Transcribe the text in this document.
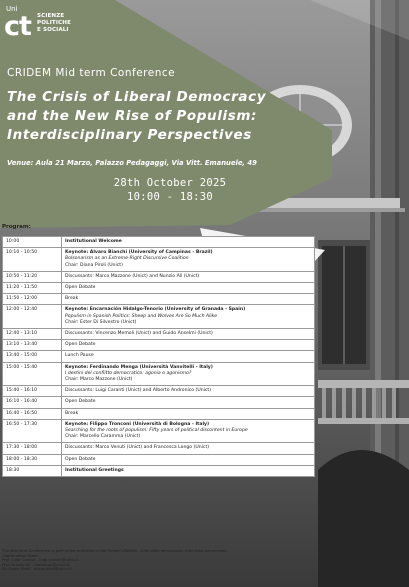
Uni
ct SCIENZE POLITICHE
E SOCIALI
CRIDEM Mid term Conference
The Crisis of Liberal Democracy
and the New Rise of Populism:
Interdisciplinary Perspectives
Venue: Aula 21 Marzo, Palazzo Pedagaggi, Via Vitt. Emanuele, 49
28th October 2025
10:00 - 18:30
Program:
10:00	Institutional Welcome

10:10 - 10:50	Keynote: Alvaro Bianchi (University of Campinas - Brazil)
Bolsonarism as an Extreme-Right Discursive Coalition
Chair: Diana Piroli (Unict)

10:50 - 11:20	Discussants: Marco Mazzone (Unict) and Nunzio Alì (Unict)

11:20 - 11:50	Open Debate

11:50 - 12:00	Break

12:00 - 12:40	Keynote: Encarnación Hidalgo-Tenorio (University of Granada - Spain)
Populism in Spanish Politics: Sheep and Wolves Are So Much Alike
Chair: Ester Di Silvestro (Unict)

12:40 - 13:10	Discussants: Vincenzo Memoli (Unict) and Guido Anselmi (Unict)

13:10 - 13:40	Open Debate

13:40 - 15:00	Lunch Pause

15:00 - 15:40	Keynote: Ferdinando Menga (Università Vanvitelli - Italy)
I destini del conflitto democratico: agonia o agonismo?
Chair: Marco Mazzone (Unict)

15:40 - 16:10	Discussants: Luigi Caranti (Unict) and Alberto Andronico (Unict)

16:10 - 16:40	Open Debate

16:40 - 16:50	Break

16:50 - 17:30	Keynote: Filippo Tronconi (Università di Bologna - Italy)
Searching for the roots of populism: Fifty years of political discontent in Europe
Chair: Marcello Caramma (Unict)

17:30 - 18:00	Discussants: Marco Venuti (Unict) and Francesca Longo (Unict)

18:00 - 18:30	Open Debate

18:30	Institutional Greetings
The Mid term Conference is part of the activities of the Project CRIDEM - Crisi della democrazia, crisi della democrazie.
Coordination Team:
Prof. Luigi Caranti - luigi.caranti@unict.it
Prof. Nunzio Alì - nunzio.ali@unict.it
Dr. Diana Piroli - diana.piroli@unict.it
